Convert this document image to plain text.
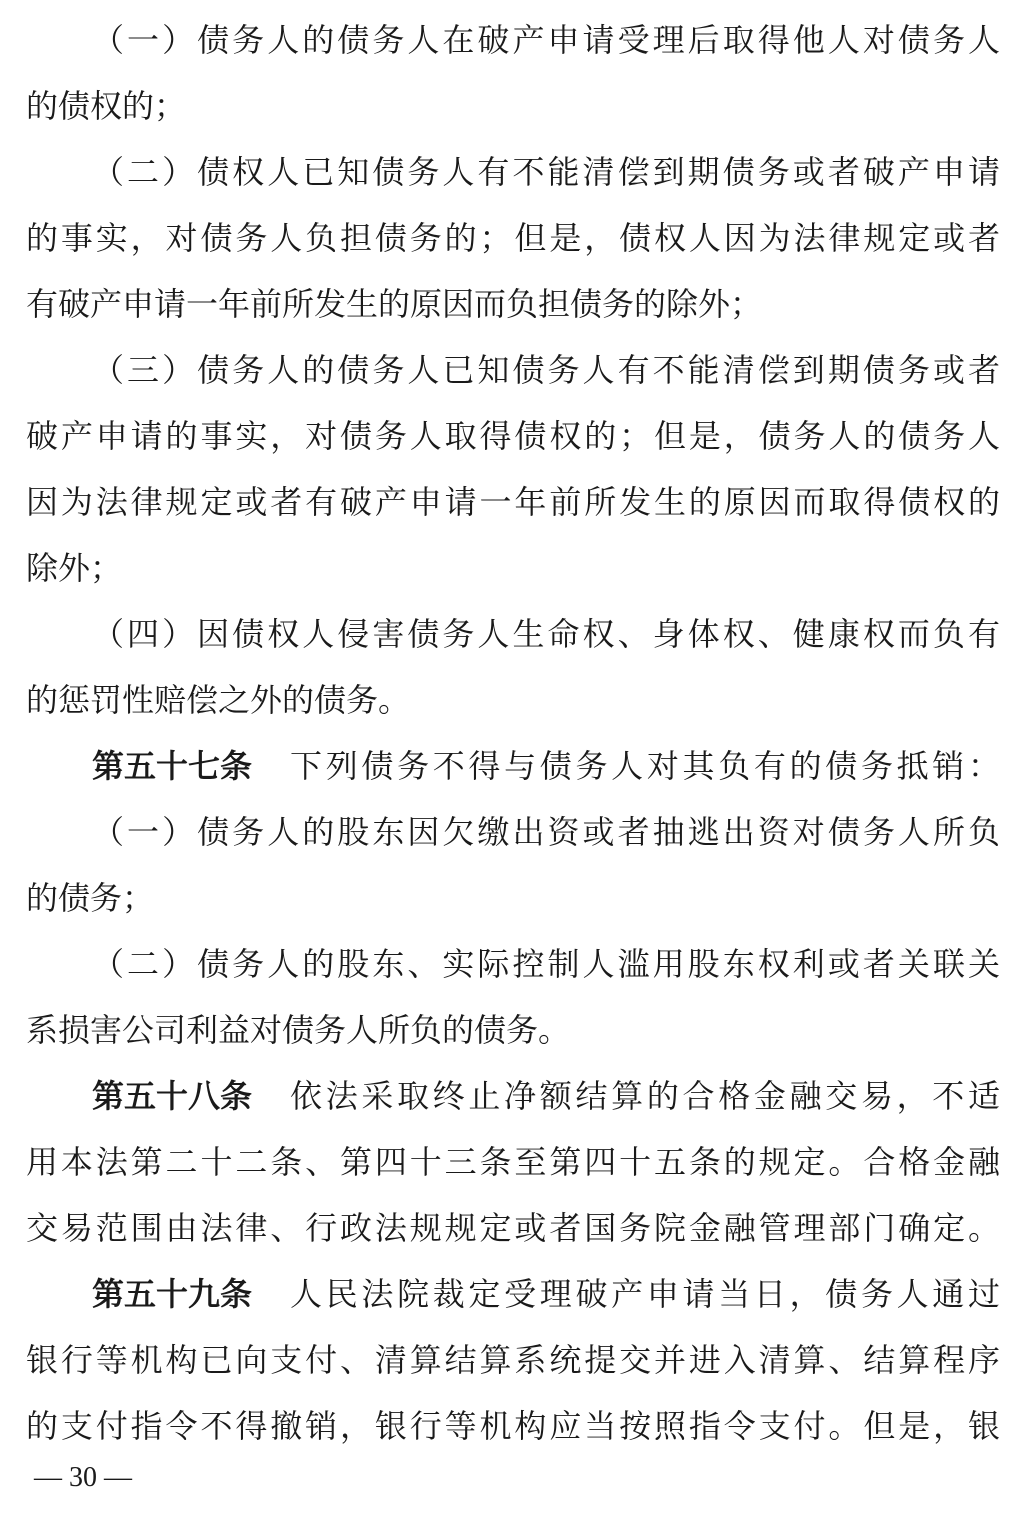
（一）债务人的债务人在破产申请受理后取得他人对债务人
的债权的；
（二）债权人已知债务人有不能清偿到期债务或者破产申请
的事实，对债务人负担债务的；但是，债权人因为法律规定或者
有破产申请一年前所发生的原因而负担债务的除外；
（三）债务人的债务人已知债务人有不能清偿到期债务或者
破产申请的事实，对债务人取得债权的；但是，债务人的债务人
因为法律规定或者有破产申请一年前所发生的原因而取得债权的
除外；
（四）因债权人侵害债务人生命权、身体权、健康权而负有
的惩罚性赔偿之外的债务。
第五十七条 下列债务不得与债务人对其负有的债务抵销：
（一）债务人的股东因欠缴出资或者抽逃出资对债务人所负
的债务；
（二）债务人的股东、实际控制人滥用股东权利或者关联关
系损害公司利益对债务人所负的债务。
第五十八条 依法采取终止净额结算的合格金融交易，不适
用本法第二十二条、第四十三条至第四十五条的规定。合格金融
交易范围由法律、行政法规规定或者国务院金融管理部门确定。
第五十九条 人民法院裁定受理破产申请当日，债务人通过
银行等机构已向支付、清算结算系统提交并进入清算、结算程序
的支付指令不得撤销，银行等机构应当按照指令支付。但是，银
— 30 —
